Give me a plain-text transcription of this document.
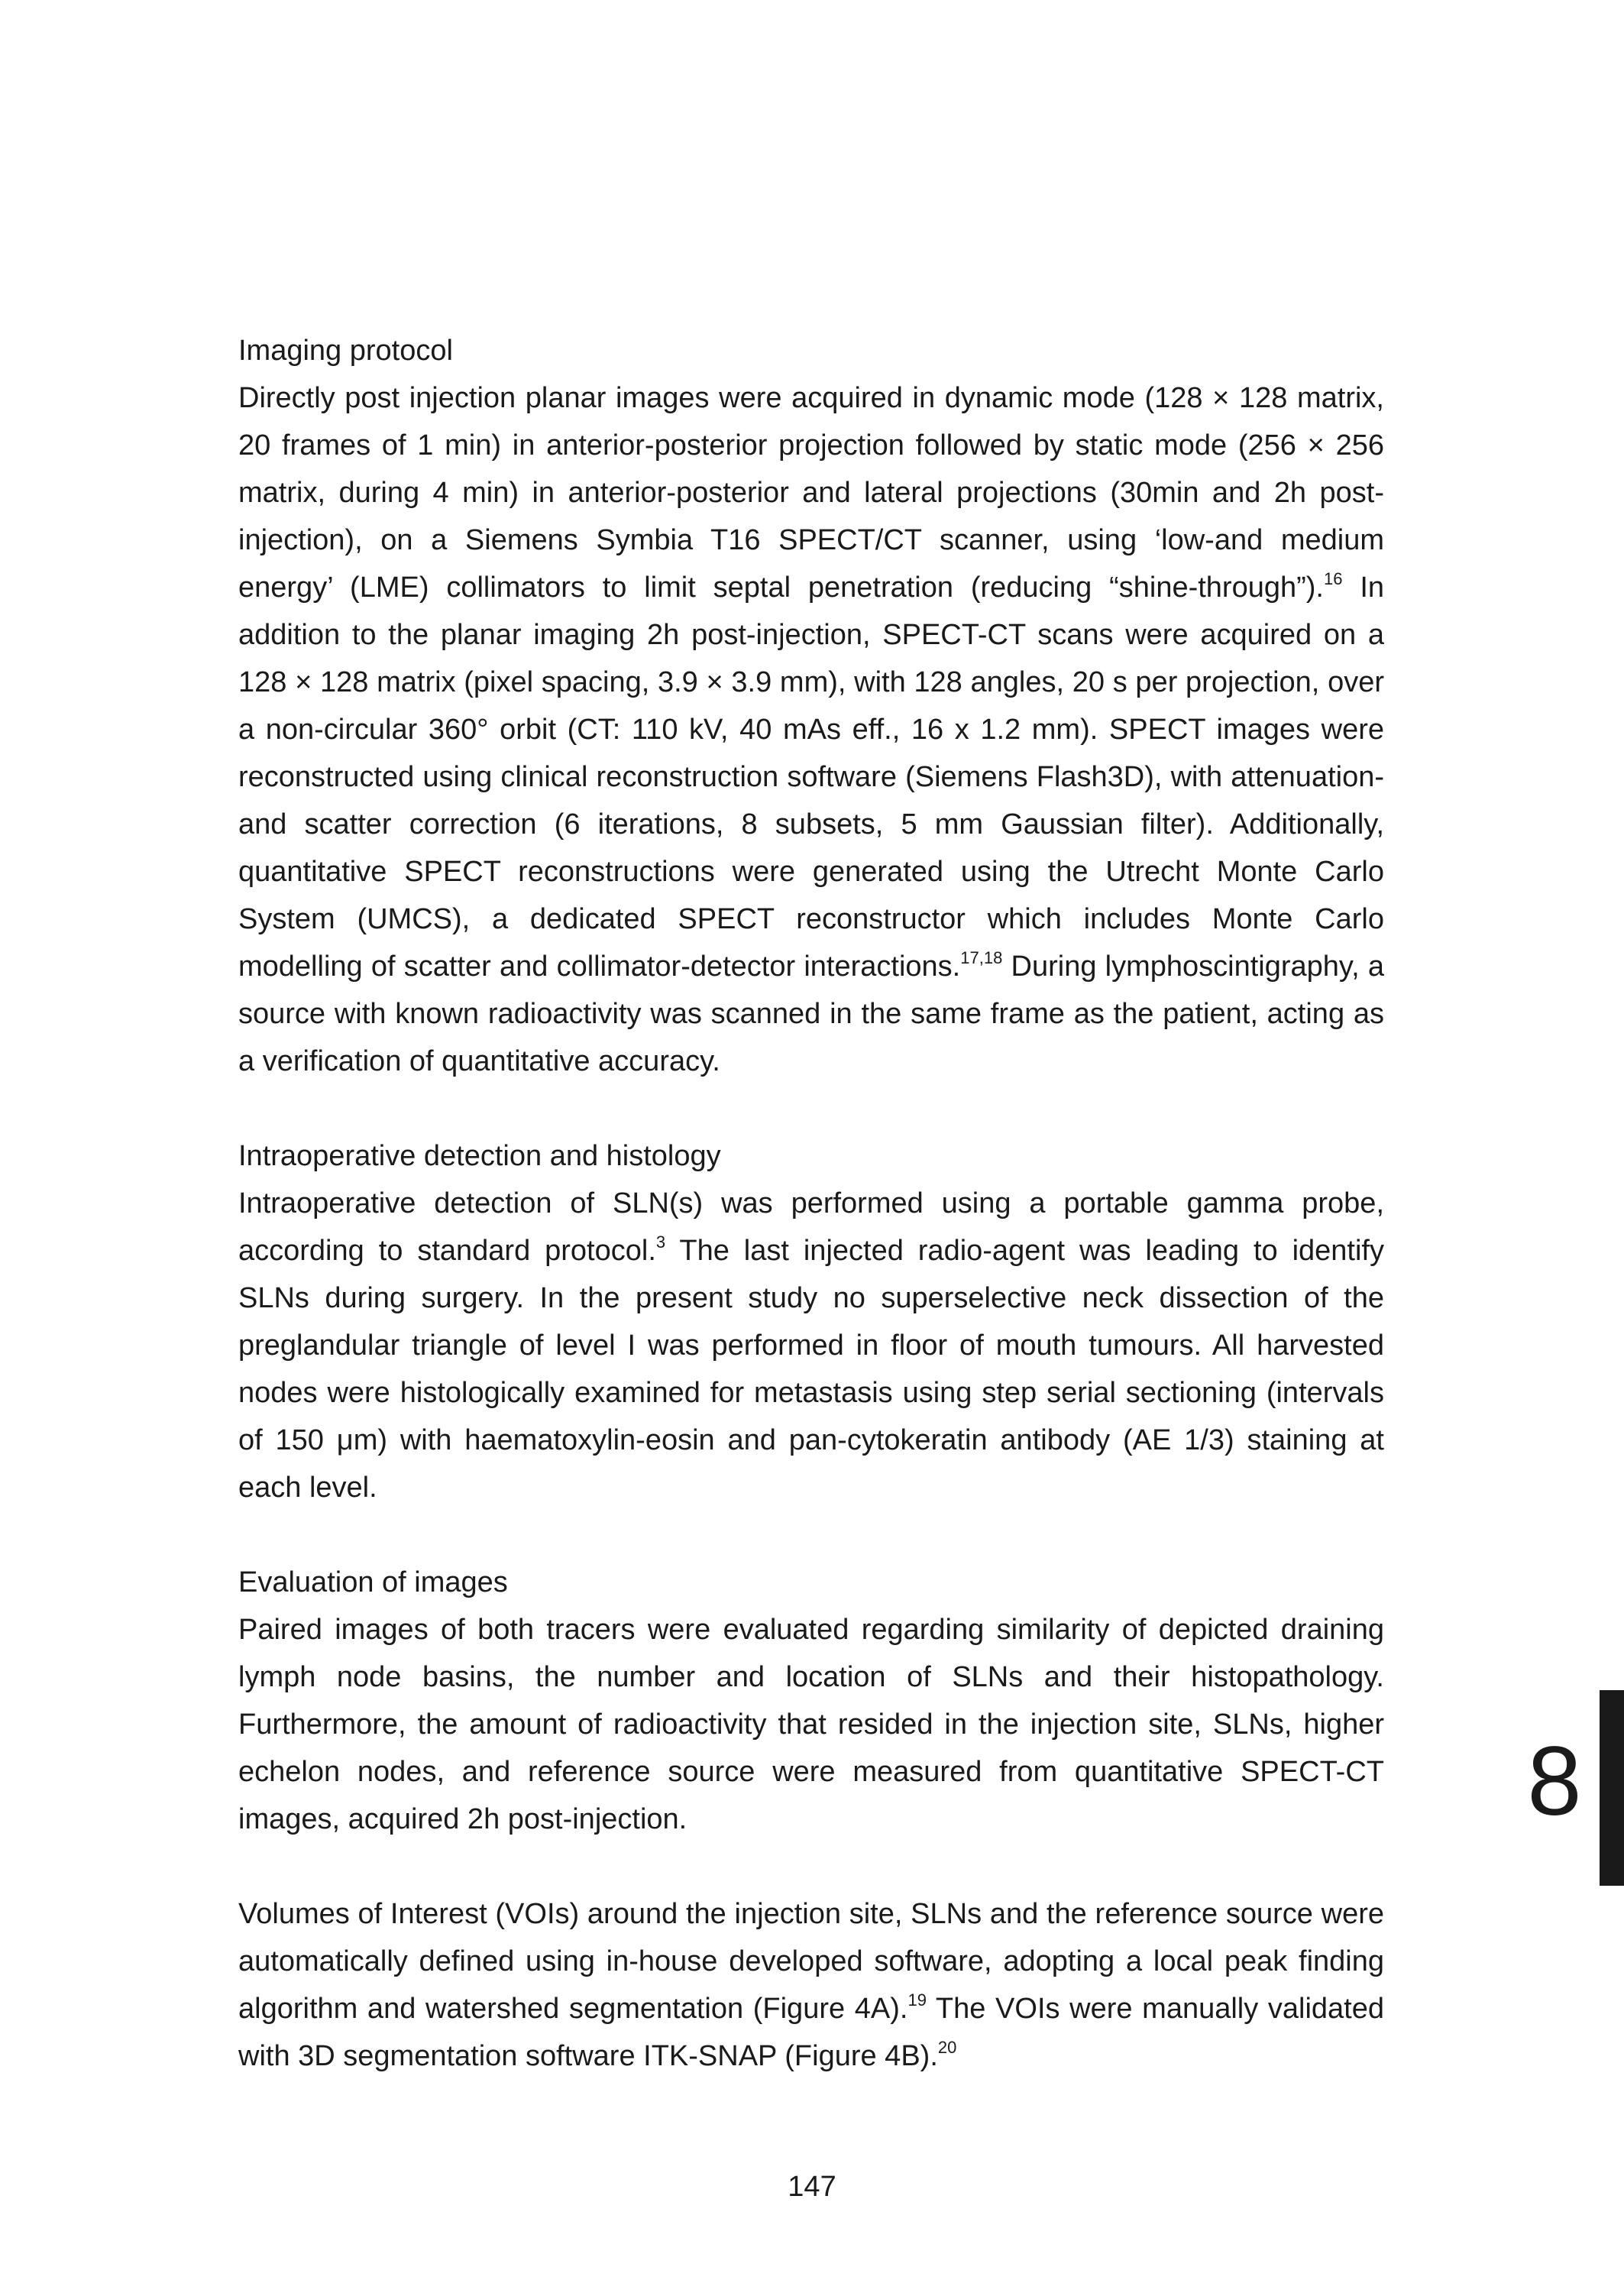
Imaging protocol

Directly post injection planar images were acquired in dynamic mode (128 × 128 matrix, 20 frames of 1 min) in anterior-posterior projection followed by static mode (256 × 256 matrix, during 4 min) in anterior-posterior and lateral projections (30min and 2h post-injection), on a Siemens Symbia T16 SPECT/CT scanner, using ‘low-and medium energy’ (LME) collimators to limit septal penetration (reducing “shine-through”).$^{16}$ In addition to the planar imaging 2h post-injection, SPECT-CT scans were acquired on a 128 × 128 matrix (pixel spacing, 3.9 × 3.9 mm), with 128 angles, 20 s per projection, over a non-circular 360° orbit (CT: 110 kV, 40 mAs eff., 16 x 1.2 mm). SPECT images were reconstructed using clinical reconstruction software (Siemens Flash3D), with attenuation- and scatter correction (6 iterations, 8 subsets, 5 mm Gaussian filter). Additionally, quantitative SPECT reconstructions were generated using the Utrecht Monte Carlo System (UMCS), a dedicated SPECT reconstructor which includes Monte Carlo modelling of scatter and collimator-detector interactions.$^{17,18}$ During lymphoscintigraphy, a source with known radioactivity was scanned in the same frame as the patient, acting as a verification of quantitative accuracy.

Intraoperative detection and histology

Intraoperative detection of SLN(s) was performed using a portable gamma probe, according to standard protocol.$^3$ The last injected radio-agent was leading to identify SLNs during surgery. In the present study no superselective neck dissection of the preglandular triangle of level I was performed in floor of mouth tumours. All harvested nodes were histologically examined for metastasis using step serial sectioning (intervals of 150 μm) with haematoxylin-eosin and pan-cytokeratin antibody (AE 1/3) staining at each level.

Evaluation of images

Paired images of both tracers were evaluated regarding similarity of depicted draining lymph node basins, the number and location of SLNs and their histopathology. Furthermore, the amount of radioactivity that resided in the injection site, SLNs, higher echelon nodes, and reference source were measured from quantitative SPECT-CT images, acquired 2h post-injection.

Volumes of Interest (VOIs) around the injection site, SLNs and the reference source were automatically defined using in-house developed software, adopting a local peak finding algorithm and watershed segmentation (Figure 4A).$^{19}$ The VOIs were manually validated with 3D segmentation software ITK-SNAP (Figure 4B).$^{20}$

8
147
